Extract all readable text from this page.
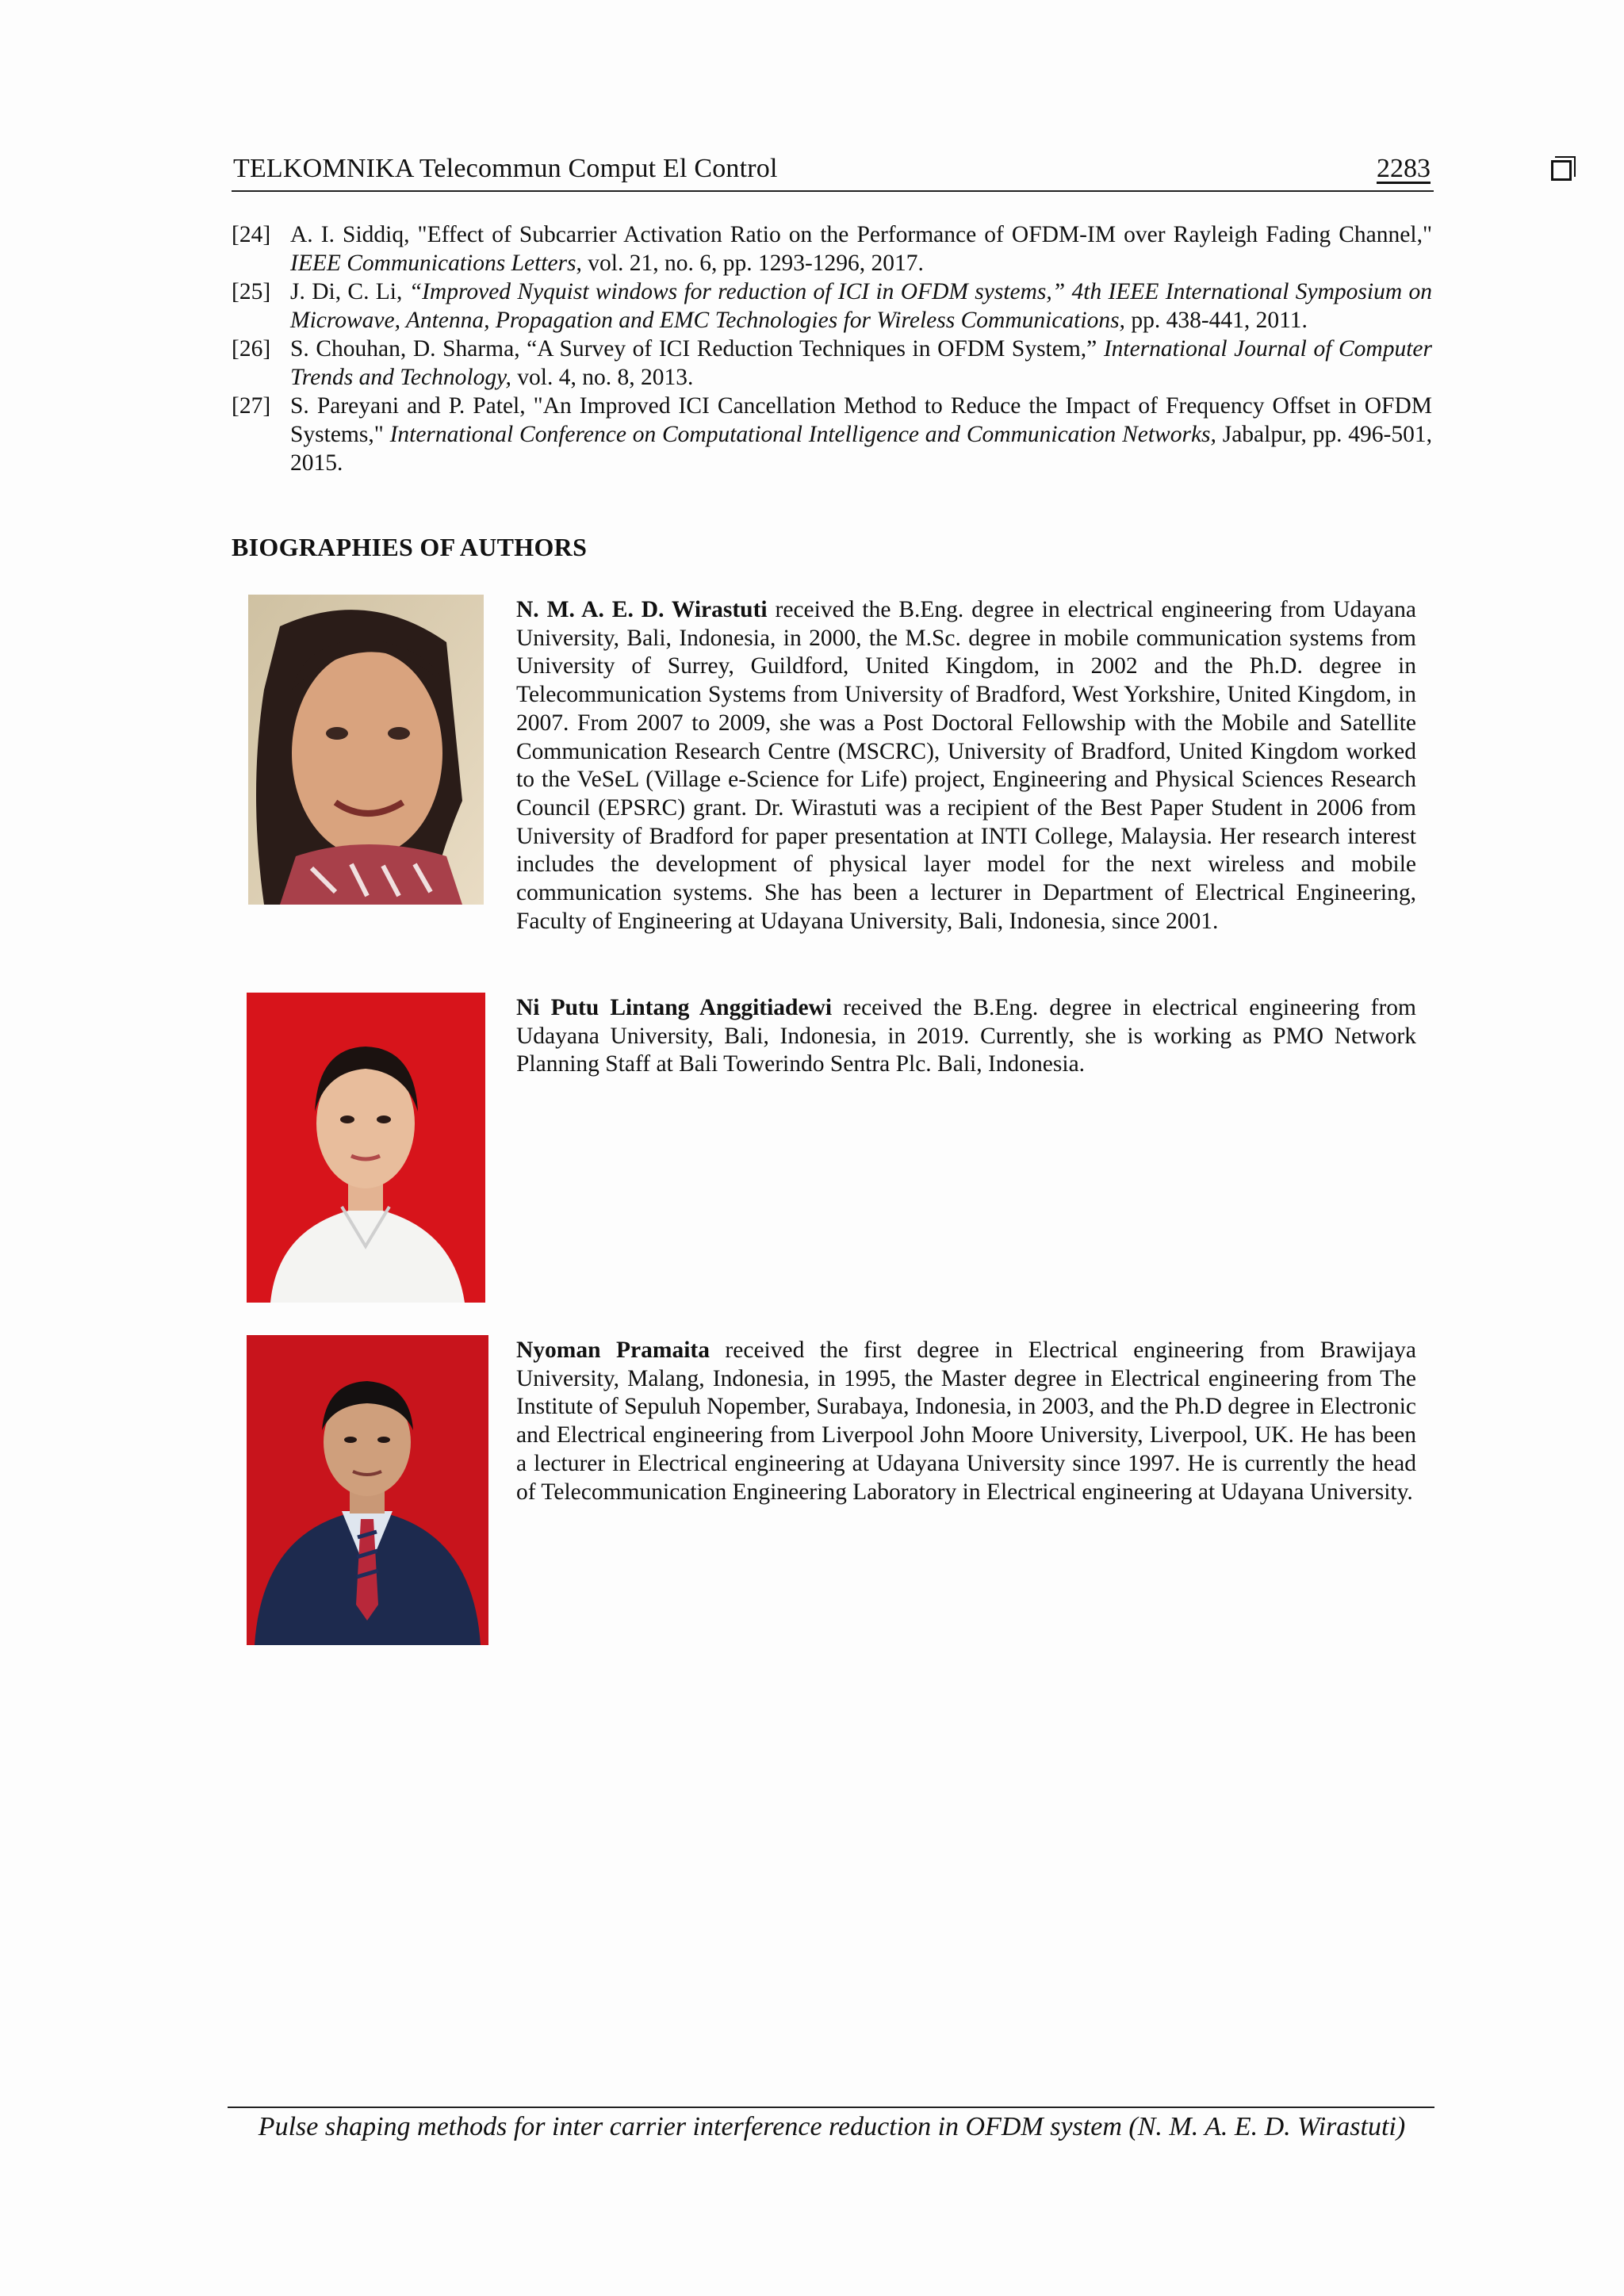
TELKOMNIKA Telecommun Comput El Control	2283
[24] A. I. Siddiq, "Effect of Subcarrier Activation Ratio on the Performance of OFDM-IM over Rayleigh Fading Channel," IEEE Communications Letters, vol. 21, no. 6, pp. 1293-1296, 2017.
[25] J. Di, C. Li, “Improved Nyquist windows for reduction of ICI in OFDM systems,” 4th IEEE International Symposium on Microwave, Antenna, Propagation and EMC Technologies for Wireless Communications, pp. 438-441, 2011.
[26] S. Chouhan, D. Sharma, “A Survey of ICI Reduction Techniques in OFDM System,” International Journal of Computer Trends and Technology, vol. 4, no. 8, 2013.
[27] S. Pareyani and P. Patel, "An Improved ICI Cancellation Method to Reduce the Impact of Frequency Offset in OFDM Systems," International Conference on Computational Intelligence and Communication Networks, Jabalpur, pp. 496-501, 2015.
BIOGRAPHIES OF AUTHORS
N. M. A. E. D. Wirastuti received the B.Eng. degree in electrical engineering from Udayana University, Bali, Indonesia, in 2000, the M.Sc. degree in mobile communication systems from University of Surrey, Guildford, United Kingdom, in 2002 and the Ph.D. degree in Telecommunication Systems from University of Bradford, West Yorkshire, United Kingdom, in 2007. From 2007 to 2009, she was a Post Doctoral Fellowship with the Mobile and Satellite Communication Research Centre (MSCRC), University of Bradford, United Kingdom worked to the VeSeL (Village e-Science for Life) project, Engineering and Physical Sciences Research Council (EPSRC) grant. Dr. Wirastuti was a recipient of the Best Paper Student in 2006 from University of Bradford for paper presentation at INTI College, Malaysia. Her research interest includes the development of physical layer model for the next wireless and mobile communication systems. She has been a lecturer in Department of Electrical Engineering, Faculty of Engineering at Udayana University, Bali, Indonesia, since 2001.
Ni Putu Lintang Anggitiadewi received the B.Eng. degree in electrical engineering from Udayana University, Bali, Indonesia, in 2019. Currently, she is working as PMO Network Planning Staff at Bali Towerindo Sentra Plc. Bali, Indonesia.
Nyoman Pramaita received the first degree in Electrical engineering from Brawijaya University, Malang, Indonesia, in 1995, the Master degree in Electrical engineering from The Institute of Sepuluh Nopember, Surabaya, Indonesia, in 2003, and the Ph.D degree in Electronic and Electrical engineering from Liverpool John Moore University, Liverpool, UK. He has been a lecturer in Electrical engineering at Udayana University since 1997. He is currently the head of Telecommunication Engineering Laboratory in Electrical engineering at Udayana University.
Pulse shaping methods for inter carrier interference reduction in OFDM system (N. M. A. E. D. Wirastuti)
